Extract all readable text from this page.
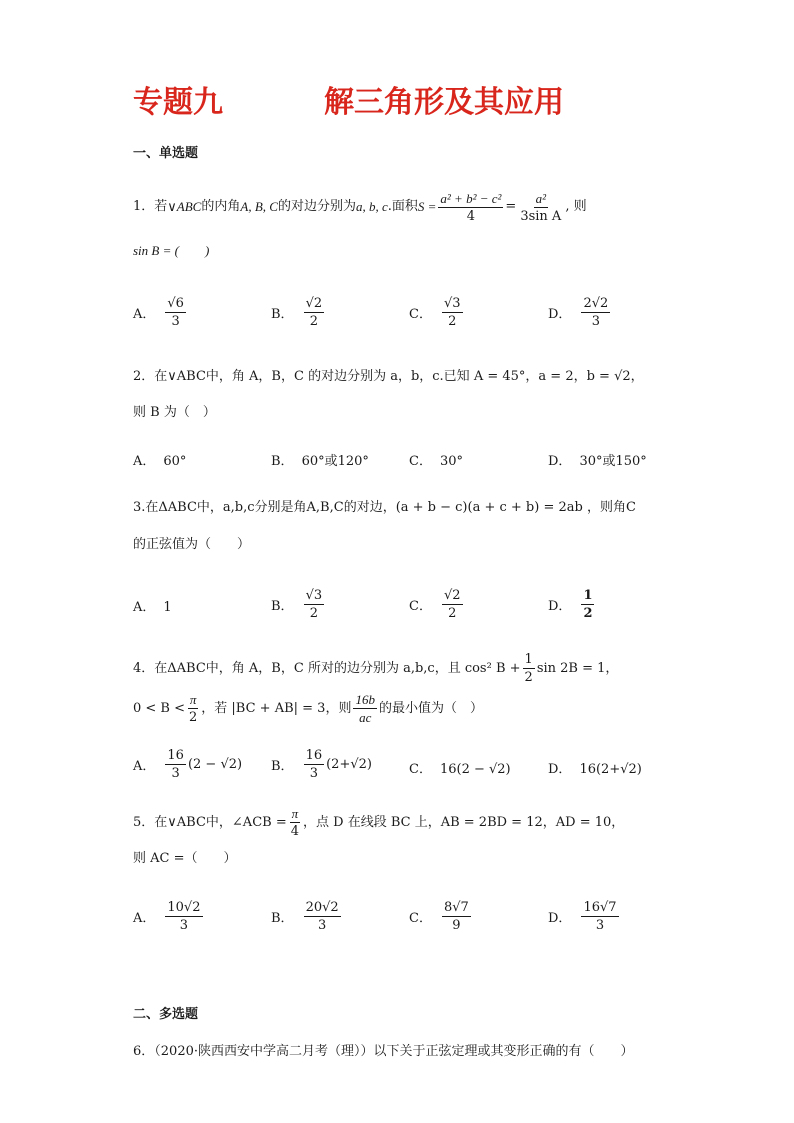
专题九	解三角形及其应用
一、单选题
1．若 ∨ABC 的内角 A, B, C 的对边分别为 a, b, c .面积 $S = \frac{\text{a² + b² − c²}}{4} = \frac{\text{a²}}{\text{3sin A}}$ , 则
sin B = (　　)
A． $\frac{√6}{3}$	B． $\frac{√2}{2}$	C． $\frac{√3}{2}$	D． $\frac{2√2}{3}$
2．在∨ABC中，角 A，B，C 的对边分别为 a，b，c.已知 A = 45°，a = 2，b = √2，
则 B 为（　）
A． 60°	B． 60°或120°	C． 30°	D． 30°或150°
3.在ΔABC中，a,b,c分别是角A,B,C的对边，(a + b − c)(a + c + b) = 2ab ，则角C
的正弦值为（　　）
A． 1	B． $\frac{√3}{2}$	C． $\frac{√2}{2}$	D． $\frac{1}{2}$
4．在ΔABC中，角 A，B，C 所对的边分别为 a,b,c，且 cos² $B + \frac{1}{2}$ sin 2B = 1，
$0 < B < \frac{\pi}{2}$ ，若 |BC + AB| = 3，则 $\frac{16b}{ac}$ 的最小值为（　）
A． $\frac{16}{3} (2 - √2)$ B． $\frac{16}{3} (2+√2)$	C． 16(2 − √2)	D． 16(2+√2)
5．在∨ABC中，∠ACB = $\frac{\pi}{4}$ ，点 D 在线段 BC 上，AB = 2BD = 12，AD = 10，
则 AC =（　　）
A． $\frac{10√2}{3}$	B． $\frac{20√2}{3}$	C． $\frac{8√7}{9}$	D． $\frac{16√7}{3}$
二、多选题
6．（2020·陕西西安中学高二月考（理））以下关于正弦定理或其变形正确的有（　　）
